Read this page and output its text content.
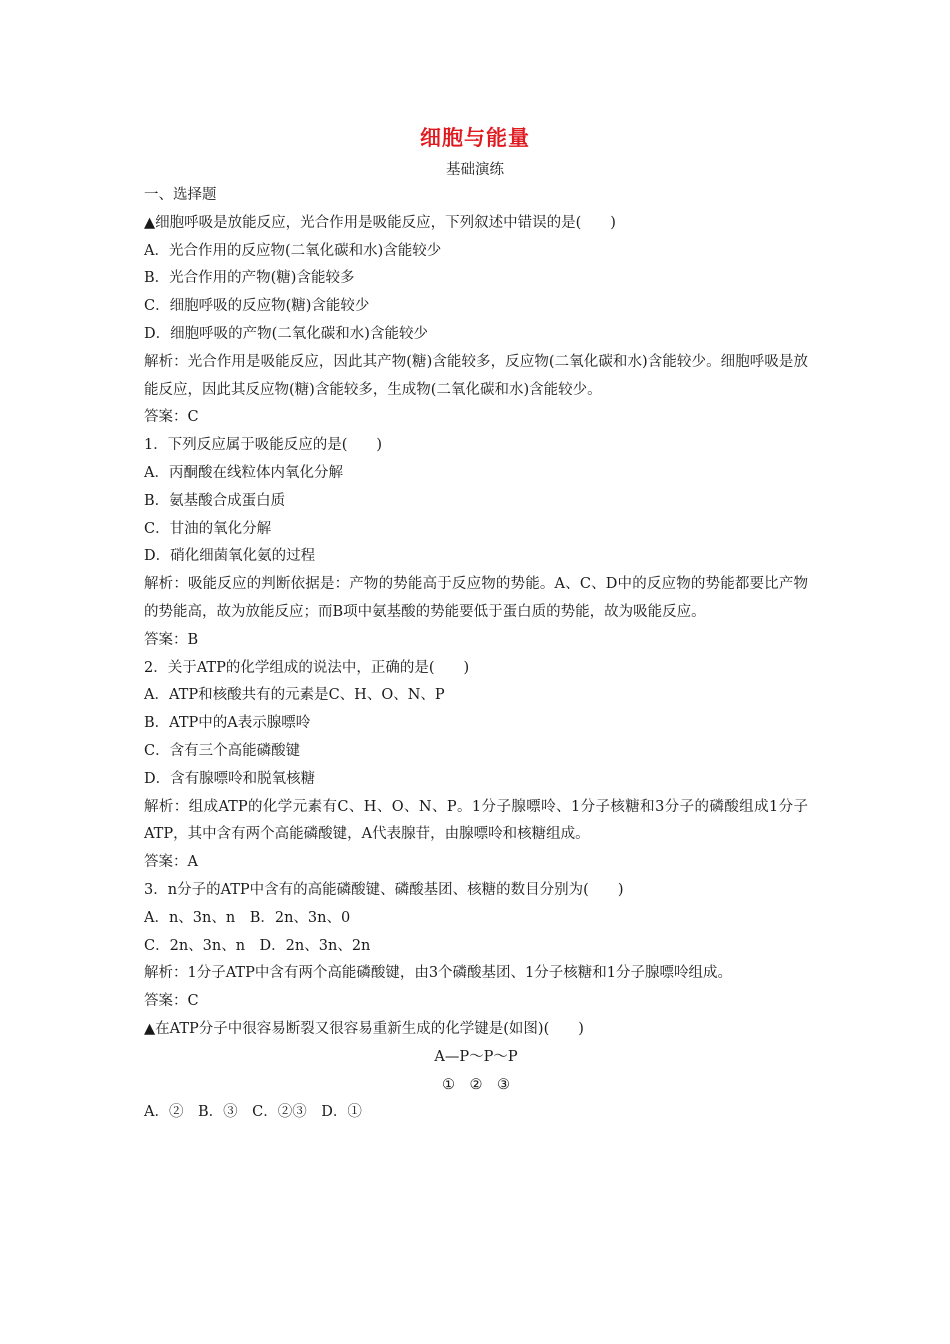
细胞与能量
基础演练
一、选择题
▲细胞呼吸是放能反应，光合作用是吸能反应，下列叙述中错误的是(　　)
A．光合作用的反应物(二氧化碳和水)含能较少
B．光合作用的产物(糖)含能较多
C．细胞呼吸的反应物(糖)含能较少
D．细胞呼吸的产物(二氧化碳和水)含能较少
解析：光合作用是吸能反应，因此其产物(糖)含能较多，反应物(二氧化碳和水)含能较少。细胞呼吸是放能反应，因此其反应物(糖)含能较多，生成物(二氧化碳和水)含能较少。
答案：C
1．下列反应属于吸能反应的是(　　)
A．丙酮酸在线粒体内氧化分解
B．氨基酸合成蛋白质
C．甘油的氧化分解
D．硝化细菌氧化氨的过程
解析：吸能反应的判断依据是：产物的势能高于反应物的势能。A、C、D中的反应物的势能都要比产物的势能高，故为放能反应；而B项中氨基酸的势能要低于蛋白质的势能，故为吸能反应。
答案：B
2．关于ATP的化学组成的说法中，正确的是(　　)
A．ATP和核酸共有的元素是C、H、O、N、P
B．ATP中的A表示腺嘌呤
C．含有三个高能磷酸键
D．含有腺嘌呤和脱氧核糖
解析：组成ATP的化学元素有C、H、O、N、P。1分子腺嘌呤、1分子核糖和3分子的磷酸组成1分子ATP，其中含有两个高能磷酸键，A代表腺苷，由腺嘌呤和核糖组成。
答案：A
3．n分子的ATP中含有的高能磷酸键、磷酸基团、核糖的数目分别为(　　)
A．n、3n、n　B．2n、3n、0
C．2n、3n、n　D．2n、3n、2n
解析：1分子ATP中含有两个高能磷酸键，由3个磷酸基团、1分子核糖和1分子腺嘌呤组成。
答案：C
▲在ATP分子中很容易断裂又很容易重新生成的化学键是(如图)(　　)
A—P～P～P
①　②　③
A．②　B．③　C．②③　D．①
